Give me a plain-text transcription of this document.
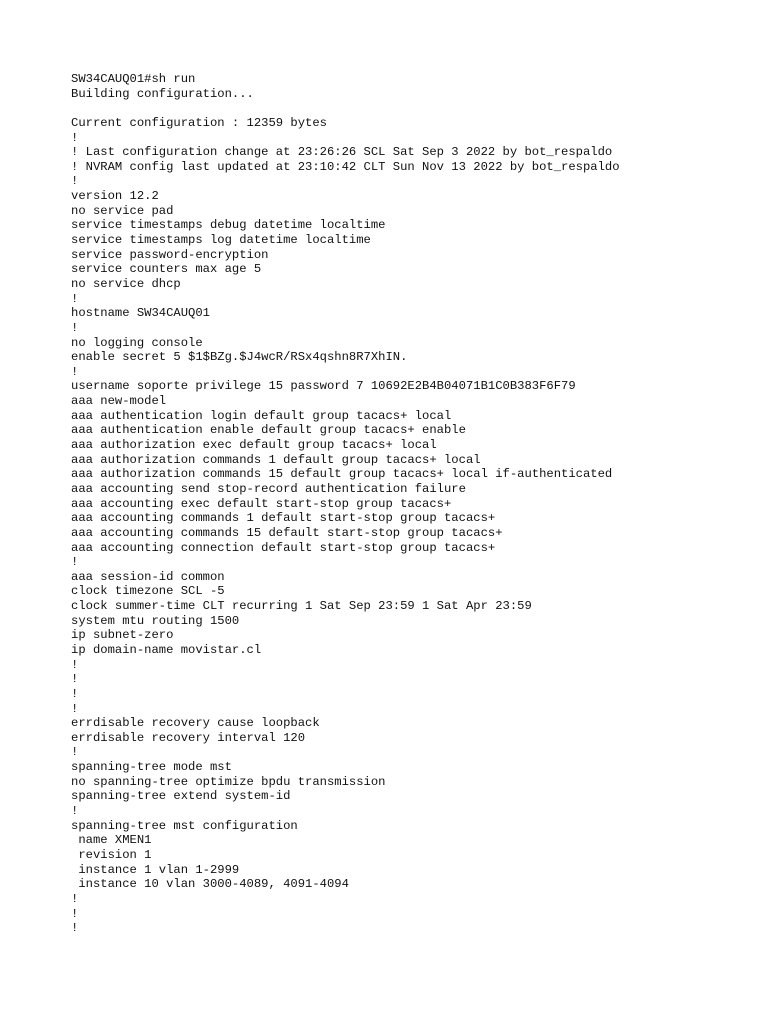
SW34CAUQ01#sh run
Building configuration...
Current configuration : 12359 bytes
!
! Last configuration change at 23:26:26 SCL Sat Sep 3 2022 by bot_respaldo
! NVRAM config last updated at 23:10:42 CLT Sun Nov 13 2022 by bot_respaldo
!
version 12.2
no service pad
service timestamps debug datetime localtime
service timestamps log datetime localtime
service password-encryption
service counters max age 5
no service dhcp
!
hostname SW34CAUQ01
!
no logging console
enable secret 5 $1$BZg.$J4wcR/RSx4qshn8R7XhIN.
!
username soporte privilege 15 password 7 10692E2B4B04071B1C0B383F6F79
aaa new-model
aaa authentication login default group tacacs+ local
aaa authentication enable default group tacacs+ enable
aaa authorization exec default group tacacs+ local
aaa authorization commands 1 default group tacacs+ local
aaa authorization commands 15 default group tacacs+ local if-authenticated
aaa accounting send stop-record authentication failure
aaa accounting exec default start-stop group tacacs+
aaa accounting commands 1 default start-stop group tacacs+
aaa accounting commands 15 default start-stop group tacacs+
aaa accounting connection default start-stop group tacacs+
!
aaa session-id common
clock timezone SCL -5
clock summer-time CLT recurring 1 Sat Sep 23:59 1 Sat Apr 23:59
system mtu routing 1500
ip subnet-zero
ip domain-name movistar.cl
!
!
!
!
errdisable recovery cause loopback
errdisable recovery interval 120
!
spanning-tree mode mst
no spanning-tree optimize bpdu transmission
spanning-tree extend system-id
!
spanning-tree mst configuration
name XMEN1
revision 1
instance 1 vlan 1-2999
instance 10 vlan 3000-4089, 4091-4094
!
!
!
